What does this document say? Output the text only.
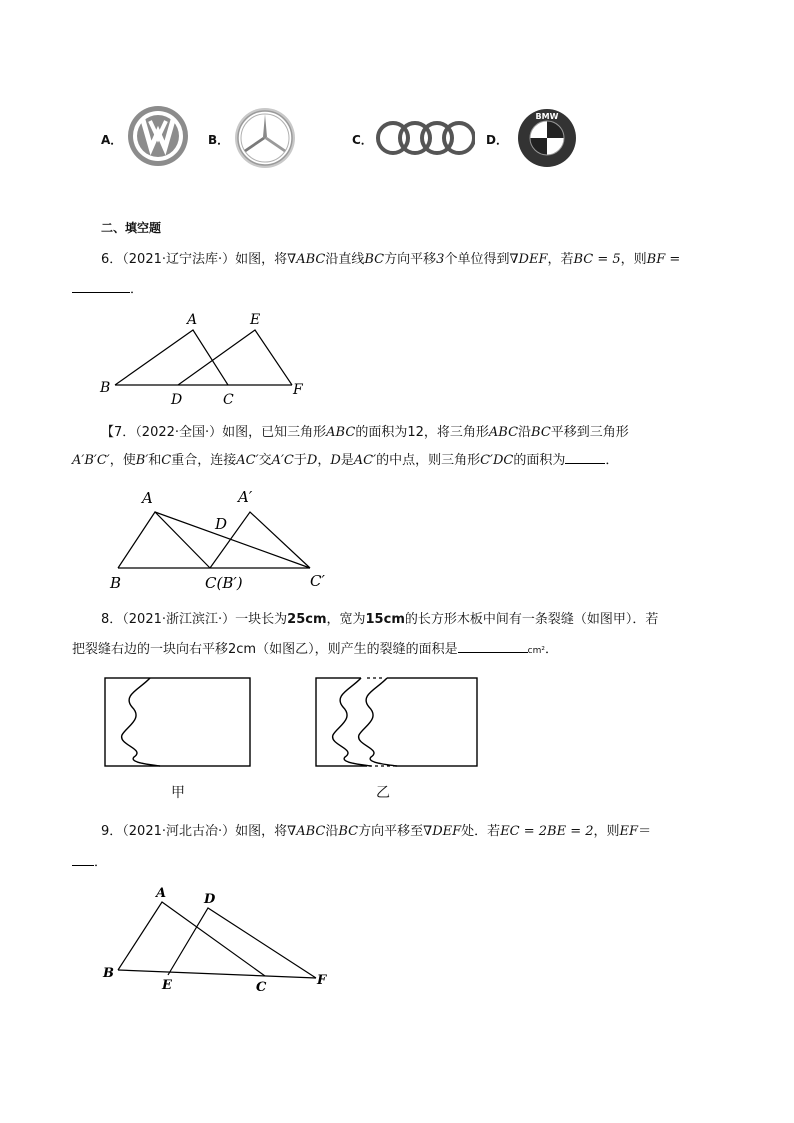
A．	B．	C．	D．
BMW
二、填空题
6．（2021·辽宁法库·）如图，将∇ABC沿直线BC方向平移3个单位得到∇DEF，若BC = 5，则BF =
．
A	E
B
D	C
F
【7．（2022·全国·）如图，已知三角形ABC的面积为12，将三角形ABC沿BC平移到三角形
A′B′C′，使B′和C重合，连接AC′交A′C于D，D是AC′的中点，则三角形C′DC的面积为	．
A	A′
D
B	C(B′)	C′
8．（2021·浙江滨江·）一块长为25cm，宽为15cm的长方形木板中间有一条裂缝（如图甲）．若
把裂缝右边的一块向右平移2cm（如图乙），则产生的裂缝的面积是	cm²．
甲	乙
9．（2021·河北古冶·）如图，将∇ABC沿BC方向平移至∇DEF处．若EC = 2BE = 2，则EF＝
．
A	D
B
E	C	F
